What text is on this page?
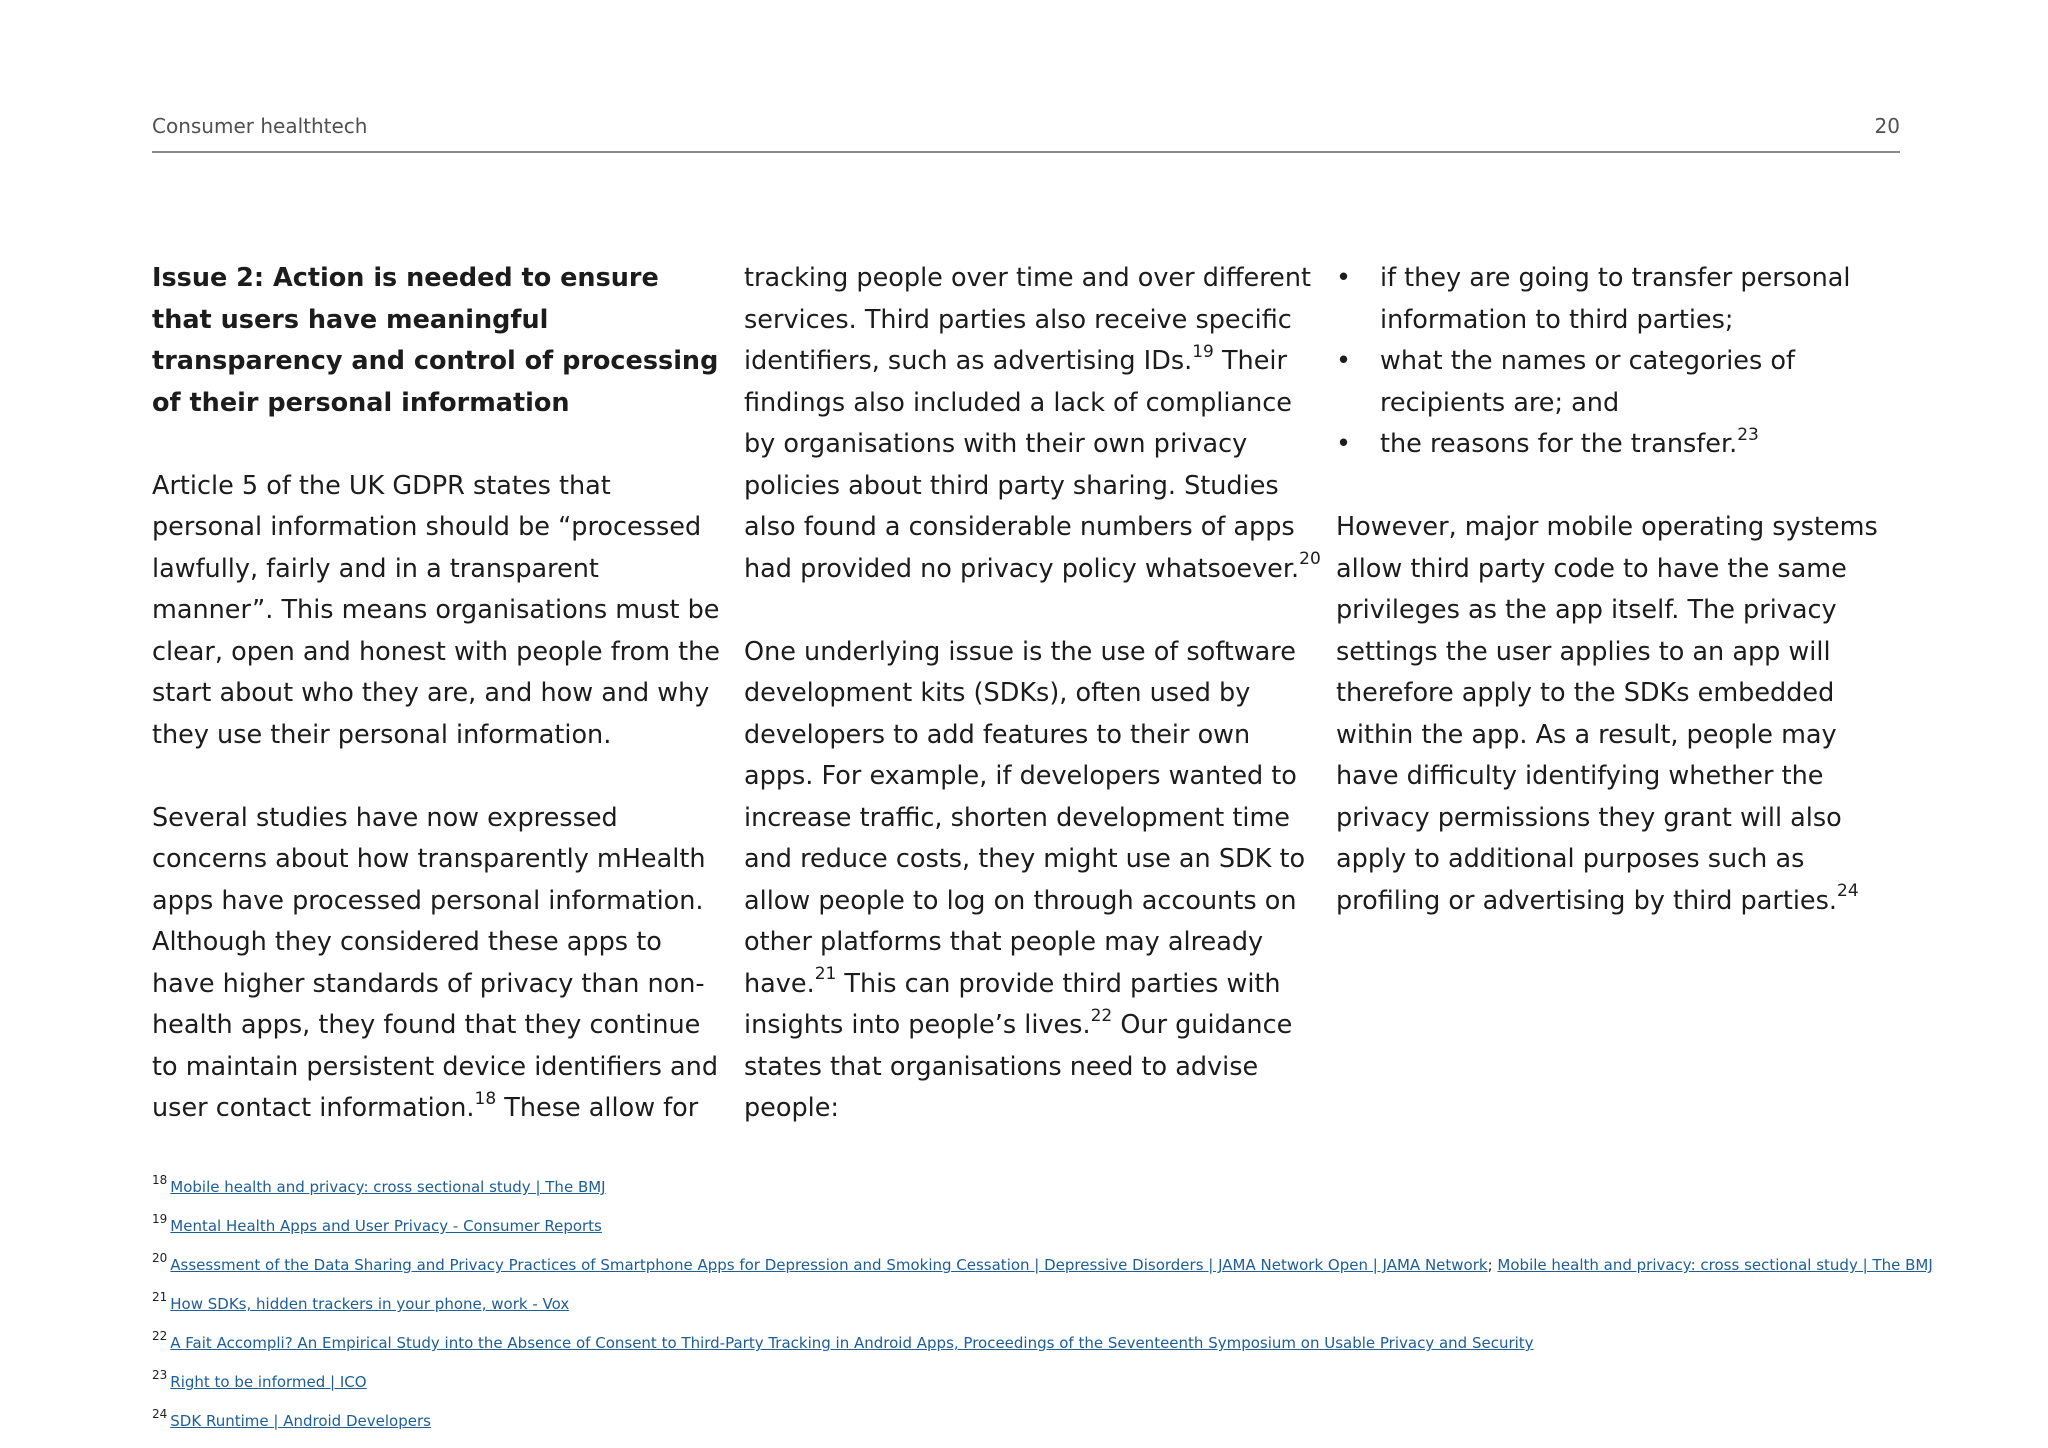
Consumer healthtech	20

Issue 2: Action is needed to ensure that users have meaningful transparency and control of processing of their personal information

Article 5 of the UK GDPR states that personal information should be “processed lawfully, fairly and in a transparent manner”. This means organisations must be clear, open and honest with people from the start about who they are, and how and why they use their personal information.

Several studies have now expressed concerns about how transparently mHealth apps have processed personal information. Although they considered these apps to have higher standards of privacy than non-health apps, they found that they continue to maintain persistent device identifiers and user contact information.$^{18}$ These allow for

tracking people over time and over different services. Third parties also receive specific identifiers, such as advertising IDs.$^{19}$ Their findings also included a lack of compliance by organisations with their own privacy policies about third party sharing. Studies also found a considerable numbers of apps had provided no privacy policy whatsoever.$^{20}$

One underlying issue is the use of software development kits (SDKs), often used by developers to add features to their own apps. For example, if developers wanted to increase traffic, shorten development time and reduce costs, they might use an SDK to allow people to log on through accounts on other platforms that people may already have.$^{21}$ This can provide third parties with insights into people’s lives.$^{22}$ Our guidance states that organisations need to advise people:

• if they are going to transfer personal information to third parties;
• what the names or categories of recipients are; and
• the reasons for the transfer.$^{23}$

However, major mobile operating systems allow third party code to have the same privileges as the app itself. The privacy settings the user applies to an app will therefore apply to the SDKs embedded within the app. As a result, people may have difficulty identifying whether the privacy permissions they grant will also apply to additional purposes such as profiling or advertising by third parties.$^{24}$

$^{18}$ Mobile health and privacy: cross sectional study | The BMJ
$^{19}$ Mental Health Apps and User Privacy - Consumer Reports
$^{20}$ Assessment of the Data Sharing and Privacy Practices of Smartphone Apps for Depression and Smoking Cessation | Depressive Disorders | JAMA Network Open | JAMA Network; Mobile health and privacy: cross sectional study | The BMJ
$^{21}$ How SDKs, hidden trackers in your phone, work - Vox
$^{22}$ A Fait Accompli? An Empirical Study into the Absence of Consent to Third-Party Tracking in Android Apps, Proceedings of the Seventeenth Symposium on Usable Privacy and Security
$^{23}$ Right to be informed | ICO
$^{24}$ SDK Runtime | Android Developers
